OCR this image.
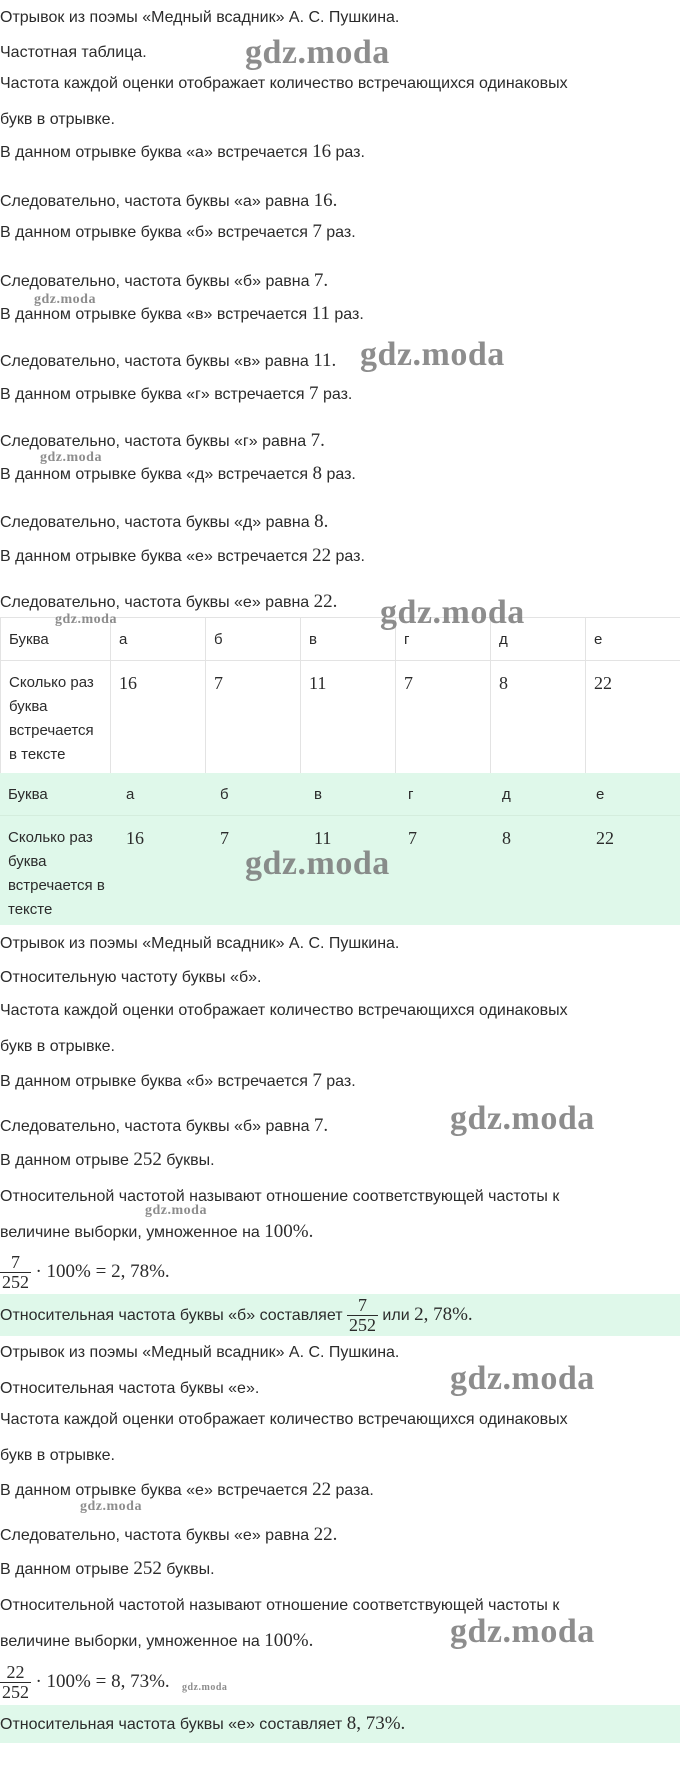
Отрывок из поэмы «Медный всадник» А. С. Пушкина.
Частотная таблица.
Частота каждой оценки отображает количество встречающихся одинаковых
букв в отрывке.
В данном отрывке буква «а» встречается 16 раз.
Следовательно, частота буквы «а» равна 16.
В данном отрывке буква «б» встречается 7 раз.
Следовательно, частота буквы «б» равна 7.
В данном отрывке буква «в» встречается 11 раз.
Следовательно, частота буквы «в» равна 11.
В данном отрывке буква «г» встречается 7 раз.
Следовательно, частота буквы «г» равна 7.
В данном отрывке буква «д» встречается 8 раз.
Следовательно, частота буквы «д» равна 8.
В данном отрывке буква «е» встречается 22 раз.
Следовательно, частота буквы «е» равна 22.
Буква	а	б	в	г	д	е
Сколько раз буква встречается в тексте	16	7	11	7	8	22
Буква	а	б	в	г	д	е
Сколько раз буква встречается в тексте	16	7	11	7	8	22
Отрывок из поэмы «Медный всадник» А. С. Пушкина.
Относительную частоту буквы «б».
Частота каждой оценки отображает количество встречающихся одинаковых
букв в отрывке.
В данном отрывке буква «б» встречается 7 раз.
Следовательно, частота буквы «б» равна 7.
В данном отрыве 252 буквы.
Относительной частотой называют отношение соответствующей частоты к
величине выборки, умноженное на 100%.
$\frac{7}{252} \cdot 100\% = 2$, 78%.
Относительная частота буквы «б» составляет $\frac{7}{252}$ или 2, 78%.
Отрывок из поэмы «Медный всадник» А. С. Пушкина.
Относительная частота буквы «е».
Частота каждой оценки отображает количество встречающихся одинаковых
букв в отрывке.
В данном отрывке буква «е» встречается 22 раза.
Следовательно, частота буквы «е» равна 22.
В данном отрыве 252 буквы.
Относительной частотой называют отношение соответствующей частоты к
величине выборки, умноженное на 100%.
$\frac{22}{252} \cdot 100\% = 8$, 73%.
Относительная частота буквы «е» составляет 8, 73%.
gdz.moda
gdz.moda
gdz.moda
gdz.moda
gdz.moda
gdz.moda
gdz.moda
gdz.moda
gdz.moda
gdz.moda
gdz.moda
gdz.moda
gdz.moda
